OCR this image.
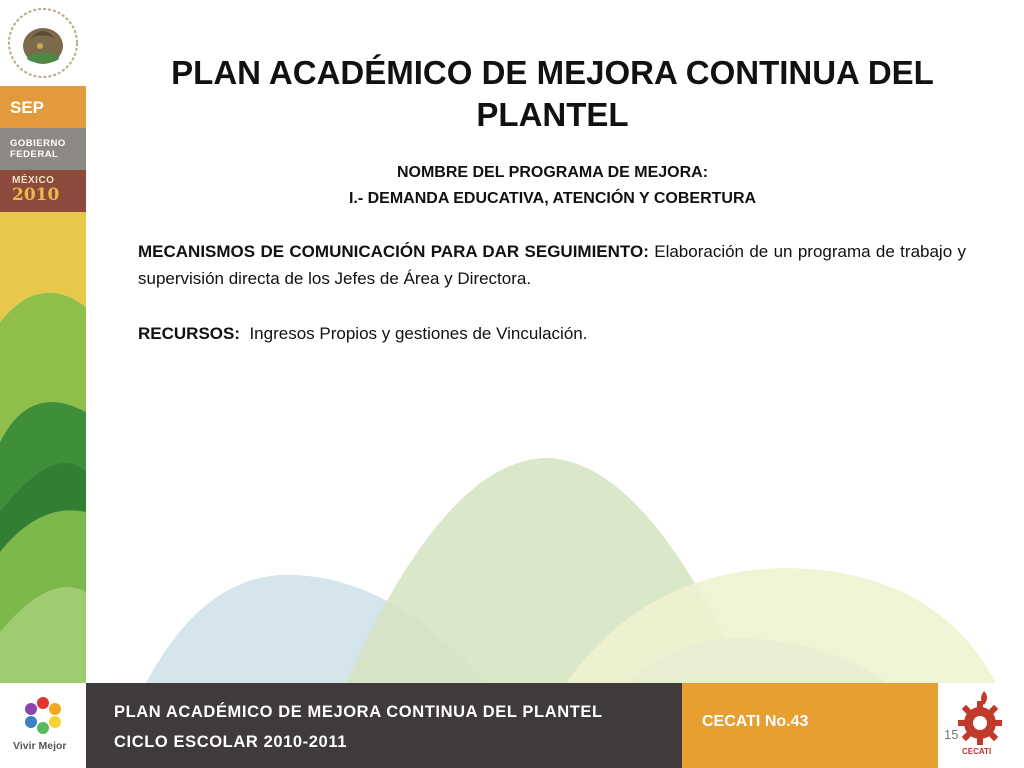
SEP
GOBIERNO
FEDERAL
MÉXICO
2010
PLAN ACADÉMICO DE MEJORA CONTINUA DEL PLANTEL
NOMBRE DEL PROGRAMA DE MEJORA:
I.- DEMANDA EDUCATIVA, ATENCIÓN Y COBERTURA
MECANISMOS DE COMUNICACIÓN PARA DAR SEGUIMIENTO: Elaboración de un programa de trabajo y supervisión directa de los Jefes de Área y Directora.
RECURSOS:  Ingresos Propios y gestiones de Vinculación.
Vivir Mejor
PLAN ACADÉMICO DE MEJORA CONTINUA DEL PLANTEL
CICLO ESCOLAR 2010-2011
CECATI No.43
CECATI
15
